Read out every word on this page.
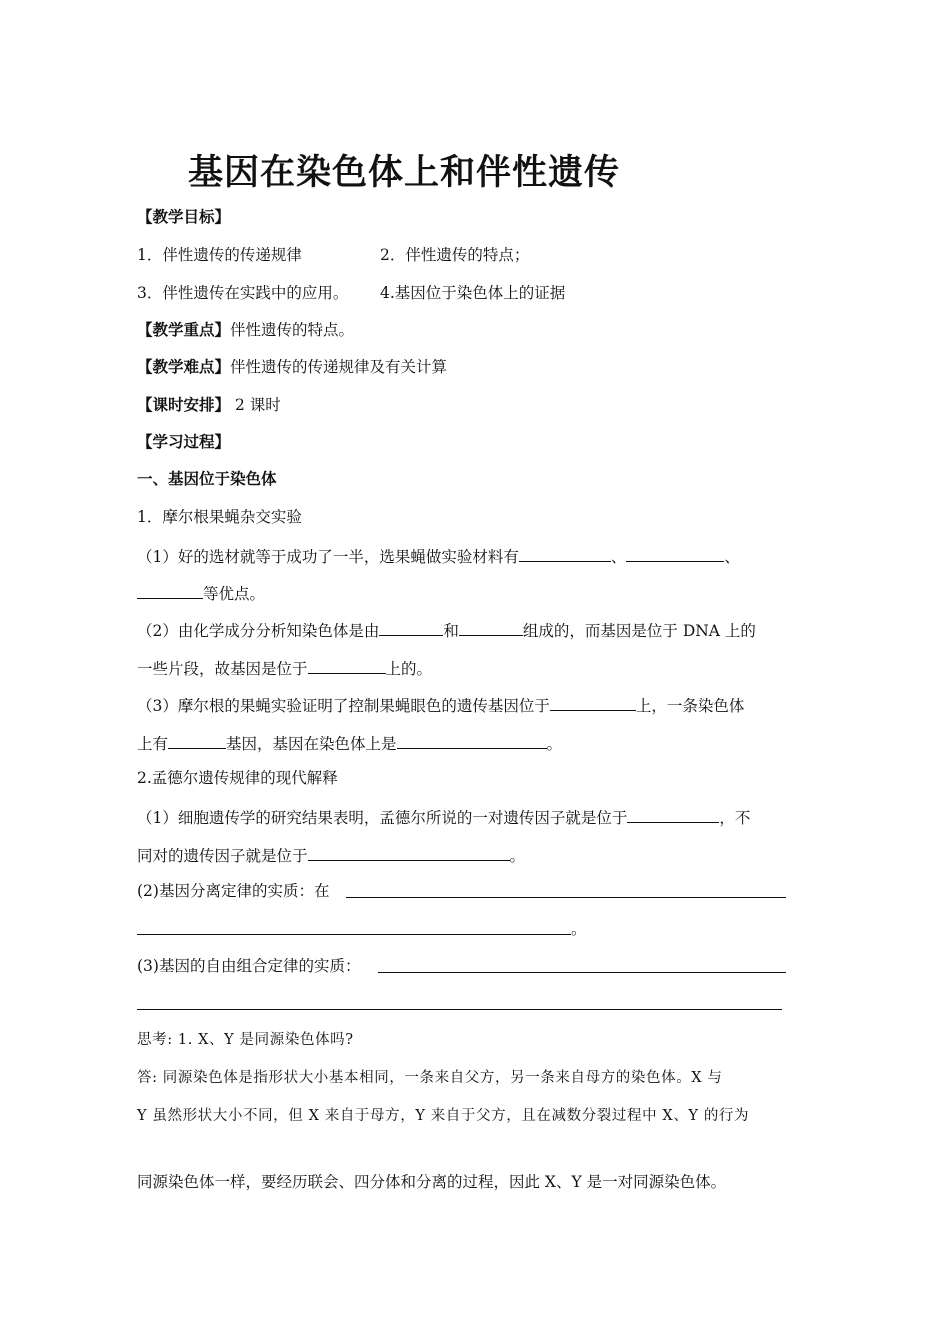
基因在染色体上和伴性遗传
【教学目标】
1．伴性遗传的传递规律	2．伴性遗传的特点；
3．伴性遗传在实践中的应用。 4.基因位于染色体上的证据
【教学重点】伴性遗传的特点。
【教学难点】伴性遗传的传递规律及有关计算
【课时安排】 2 课时
【学习过程】
一、基因位于染色体
1．摩尔根果蝇杂交实验
（1）好的选材就等于成功了一半，选果蝇做实验材料有	、	、
等优点。
（2）由化学成分分析知染色体是由	和	组成的，而基因是位于 DNA 上的
一些片段，故基因是位于	上的。
（3）摩尔根的果蝇实验证明了控制果蝇眼色的遗传基因位于	上，一条染色体
上有	基因，基因在染色体上是	。
2.孟德尔遗传规律的现代解释
（1）细胞遗传学的研究结果表明，孟德尔所说的一对遗传因子就是位于	，不
同对的遗传因子就是位于	。
(2)基因分离定律的实质：在
。
(3)基因的自由组合定律的实质：
思考: 1. X、Y 是同源染色体吗?
答: 同源染色体是指形状大小基本相同，一条来自父方，另一条来自母方的染色体。X 与
Y 虽然形状大小不同，但 X 来自于母方，Y 来自于父方，且在减数分裂过程中 X、Y 的行为
同源染色体一样，要经历联会、四分体和分离的过程，因此 X、Y 是一对同源染色体。
